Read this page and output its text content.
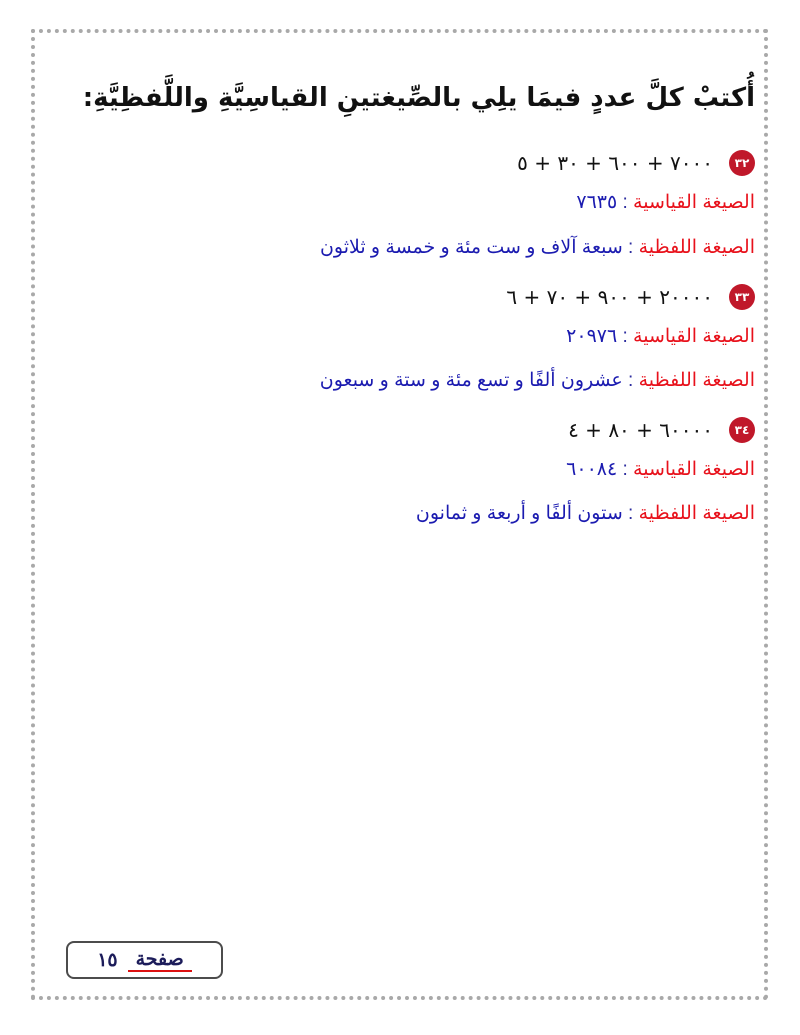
أُكتبْ كلَّ عددٍ فيمَا يلِي بالصِّيغتينِ القياسِيَّةِ واللَّفظِيَّةِ:
٣٢
٧٠٠٠ + ٦٠٠ + ٣٠ + ٥
الصيغة القياسية : ٧٦٣٥
الصيغة اللفظية : سبعة آلاف و ست مئة و خمسة و ثلاثون
٣٣
٢٠٠٠٠ + ٩٠٠ + ٧٠ + ٦
الصيغة القياسية : ٢٠٩٧٦
الصيغة اللفظية : عشرون ألفًا و تسع مئة و ستة و سبعون
٣٤
٦٠٠٠٠ + ٨٠ + ٤
الصيغة القياسية : ٦٠٠٨٤
الصيغة اللفظية : ستون ألفًا و أربعة و ثمانون
صفحة
١٥
